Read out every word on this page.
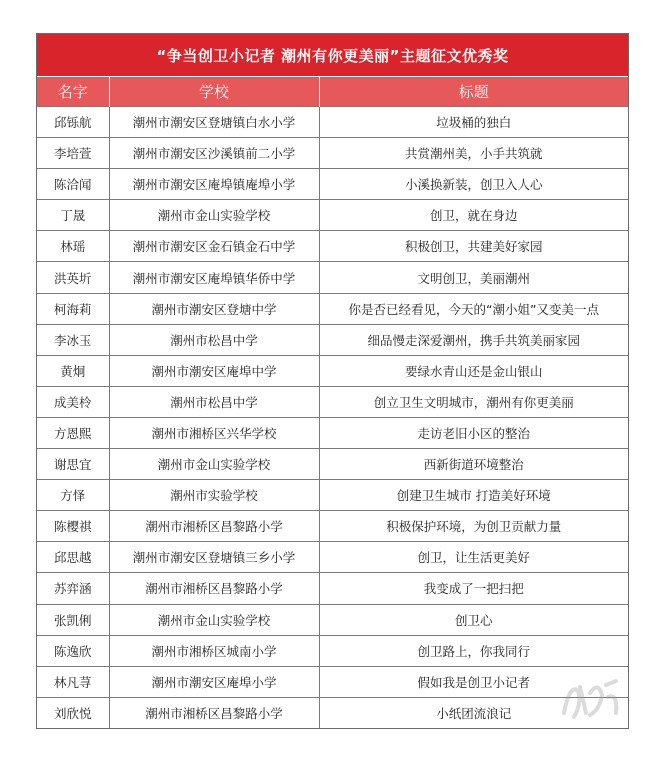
“争当创卫小记者 潮州有你更美丽”主题征文优秀奖
名字	学校	标题
邱铄航	潮州市潮安区登塘镇白水小学	垃圾桶的独白
李培萱	潮州市潮安区沙溪镇前二小学	共赏潮州美，小手共筑就
陈洽闻	潮州市潮安区庵埠镇庵埠小学	小溪换新装，创卫入人心
丁晟	潮州市金山实验学校	创卫，就在身边
林瑶	潮州市潮安区金石镇金石中学	积极创卫，共建美好家园
洪英圻	潮州市潮安区庵埠镇华侨中学	文明创卫，美丽潮州
柯海莉	潮州市潮安区登塘中学	你是否已经看见，今天的“潮小姐”又变美一点
李冰玉	潮州市松昌中学	细品慢走深爱潮州，携手共筑美丽家园
黄炯	潮州市潮安区庵埠中学	要绿水青山还是金山银山
成美柃	潮州市松昌中学	创立卫生文明城市，潮州有你更美丽
方恩熙	潮州市湘桥区兴华学校	走访老旧小区的整治
谢思宜	潮州市金山实验学校	西新街道环境整治
方怿	潮州市实验学校	创建卫生城市 打造美好环境
陈樱祺	潮州市湘桥区昌黎路小学	积极保护环境，为创卫贡献力量
邱思越	潮州市潮安区登塘镇三乡小学	创卫，让生活更美好
苏弈涵	潮州市湘桥区昌黎路小学	我变成了一把扫把
张凯俐	潮州市金山实验学校	创卫心
陈逸欣	潮州市湘桥区城南小学	创卫路上，你我同行
林凡荨	潮州市潮安区庵埠小学	假如我是创卫小记者
刘欣悦	潮州市湘桥区昌黎路小学	小纸团流浪记
